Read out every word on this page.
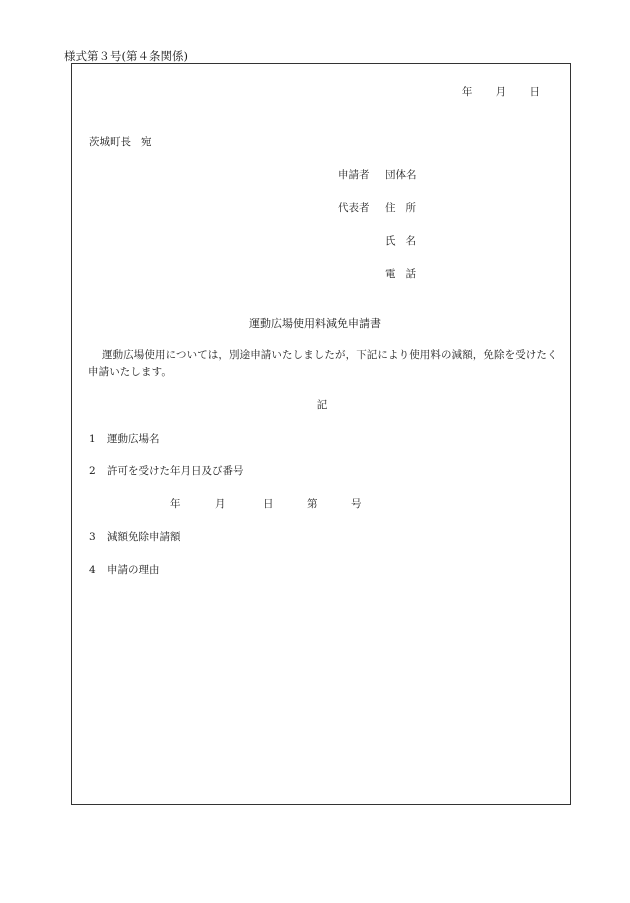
様式第３号(第４条関係)
年 月 日
茨城町長 宛
申請者 団体名
代表者 住 所
氏 名
電 話
運動広場使用料減免申請書
運動広場使用については，別途申請いたしましたが，下記により使用料の減額，免除を受けたく申請いたします。
記
1 運動広場名
2 許可を受けた年月日及び番号
年	月	日	第	号
3 減額免除申請額
4 申請の理由
